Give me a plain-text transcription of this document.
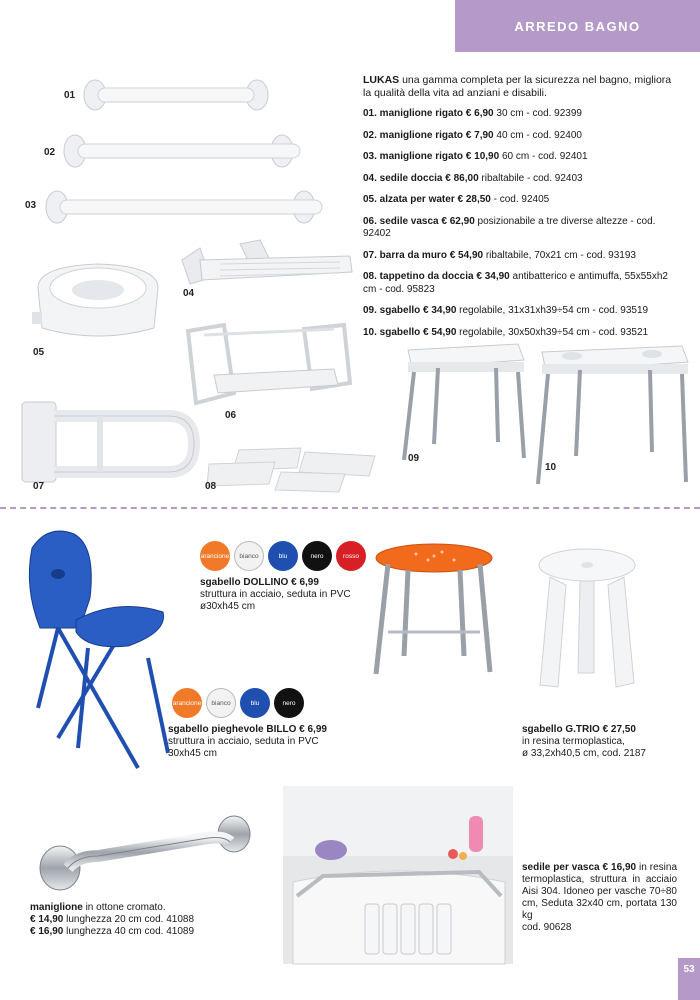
ARREDO BAGNO
01
02
03
04
05
06
07	08
09
10
LUKAS una gamma completa per la sicurezza nel bagno, migliora la qualità della vita ad anziani e disabili.
01. maniglione rigato € 6,90 30 cm - cod. 92399
02. maniglione rigato € 7,90 40 cm - cod. 92400
03. maniglione rigato € 10,90 60 cm - cod. 92401
04. sedile doccia € 86,00 ribaltabile - cod. 92403
05. alzata per water € 28,50 - cod. 92405
06. sedile vasca € 62,90 posizionabile a tre diverse altezze - cod. 92402
07. barra da muro € 54,90 ribaltabile, 70x21 cm - cod. 93193
08. tappetino da doccia € 34,90 antibatterico e antimuffa, 55x55xh2 cm - cod. 95823
09. sgabello € 34,90 regolabile, 31x31xh39÷54 cm - cod. 93519
10. sgabello € 54,90 regolabile, 30x50xh39÷54 cm - cod. 93521
arancione	bianco	blu	nero	rosso
sgabello DOLLINO € 6,99
struttura in acciaio, seduta in PVC
ø30xh45 cm
arancione	bianco	blu	nero
sgabello pieghevole BILLO € 6,99
struttura in acciaio, seduta in PVC
30xh45 cm
sgabello G.TRIO € 27,50
in resina termoplastica,
ø 33,2xh40,5 cm, cod. 2187
maniglione in ottone cromato.
€ 14,90 lunghezza 20 cm cod. 41088
€ 16,90 lunghezza 40 cm cod. 41089
sedile per vasca € 16,90 in resina termoplastica, struttura in acciaio Aisi 304. Idoneo per vasche 70÷80 cm, Seduta 32x40 cm, portata 130 kg
cod. 90628
53
